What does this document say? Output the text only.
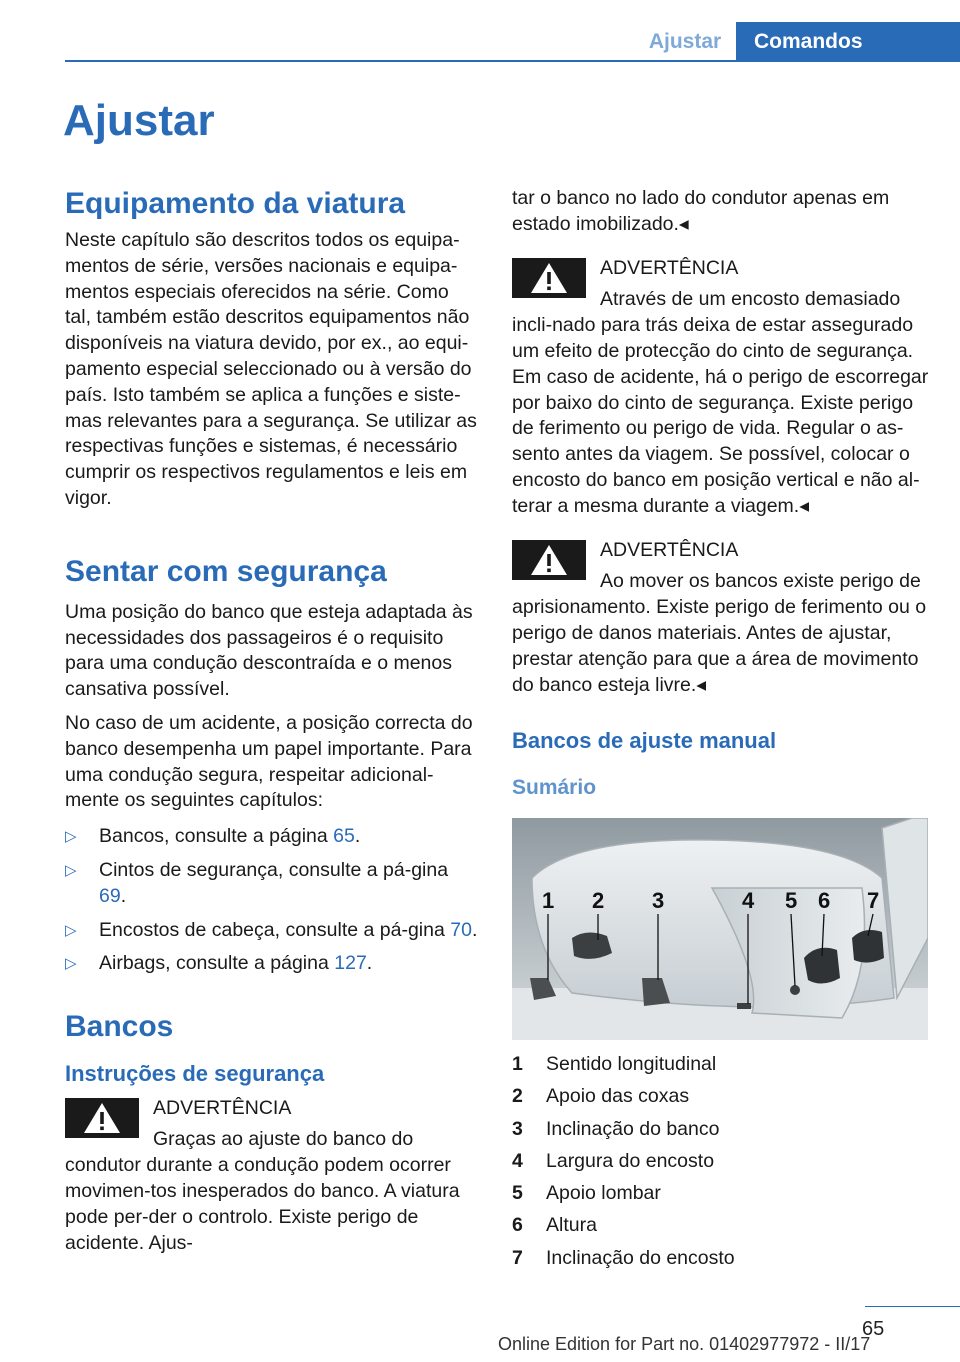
Ajustar	Comandos
Ajustar
Equipamento da viatura

Neste capítulo são descritos todos os equipa-mentos de série, versões nacionais e equipa-mentos especiais oferecidos na série. Como tal, também estão descritos equipamentos não disponíveis na viatura devido, por ex., ao equi-pamento especial seleccionado ou à versão do país. Isto também se aplica a funções e siste-mas relevantes para a segurança. Se utilizar as respectivas funções e sistemas, é necessário cumprir os respectivos regulamentos e leis em vigor.

Sentar com segurança

Uma posição do banco que esteja adaptada às necessidades dos passageiros é o requisito para uma condução descontraída e o menos cansativa possível.

No caso de um acidente, a posição correcta do banco desempenha um papel importante. Para uma condução segura, respeitar adicional-mente os seguintes capítulos:

▷ Bancos, consulte a página 65.
▷ Cintos de segurança, consulte a pá-gina 69.
▷ Encostos de cabeça, consulte a pá-gina 70.
▷ Airbags, consulte a página 127.
Bancos
Instruções de segurança
ADVERTÊNCIA
Graças ao ajuste do banco do condutor durante a condução podem ocorrer movimen-tos inesperados do banco. A viatura pode per-der o controlo. Existe perigo de acidente. Ajus-

tar o banco no lado do condutor apenas em estado imobilizado.◂

ADVERTÊNCIA
Através de um encosto demasiado incli-nado para trás deixa de estar assegurado um efeito de protecção do cinto de segurança. Em caso de acidente, há o perigo de escorregar por baixo do cinto de segurança. Existe perigo de ferimento ou perigo de vida. Regular o as-sento antes da viagem. Se possível, colocar o encosto do banco em posição vertical e não al-terar a mesma durante a viagem.◂
ADVERTÊNCIA
Ao mover os bancos existe perigo de aprisionamento. Existe perigo de ferimento ou o perigo de danos materiais. Antes de ajustar, prestar atenção para que a área de movimento do banco esteja livre.◂
Bancos de ajuste manual
Sumário
1 2 3	4 5 6 7
1 Sentido longitudinal
2 Apoio das coxas
3 Inclinação do banco
4 Largura do encosto
5 Apoio lombar
6 Altura
7 Inclinação do encosto
65
Online Edition for Part no. 01402977972 - II/17
